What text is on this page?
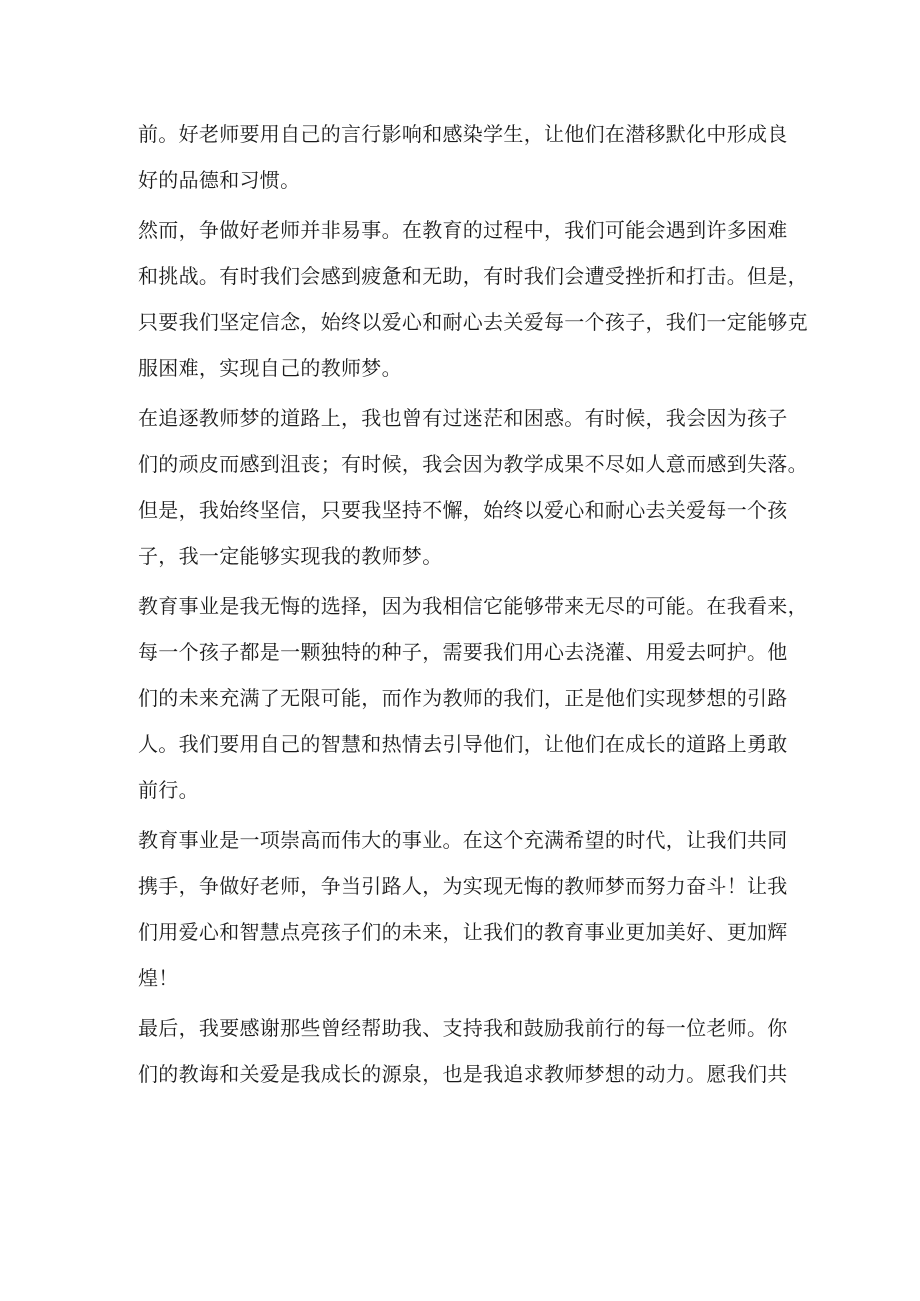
前。好老师要用自己的言行影响和感染学生，让他们在潜移默化中形成良
好的品德和习惯。
然而，争做好老师并非易事。在教育的过程中，我们可能会遇到许多困难
和挑战。有时我们会感到疲惫和无助，有时我们会遭受挫折和打击。但是，
只要我们坚定信念，始终以爱心和耐心去关爱每一个孩子，我们一定能够克
服困难，实现自己的教师梦。
在追逐教师梦的道路上，我也曾有过迷茫和困惑。有时候，我会因为孩子
们的顽皮而感到沮丧；有时候，我会因为教学成果不尽如人意而感到失落。
但是，我始终坚信，只要我坚持不懈，始终以爱心和耐心去关爱每一个孩
子，我一定能够实现我的教师梦。
教育事业是我无悔的选择，因为我相信它能够带来无尽的可能。在我看来，
每一个孩子都是一颗独特的种子，需要我们用心去浇灌、用爱去呵护。他
们的未来充满了无限可能，而作为教师的我们，正是他们实现梦想的引路
人。我们要用自己的智慧和热情去引导他们，让他们在成长的道路上勇敢
前行。
教育事业是一项崇高而伟大的事业。在这个充满希望的时代，让我们共同
携手，争做好老师，争当引路人，为实现无悔的教师梦而努力奋斗！让我
们用爱心和智慧点亮孩子们的未来，让我们的教育事业更加美好、更加辉
煌！
最后，我要感谢那些曾经帮助我、支持我和鼓励我前行的每一位老师。你
们的教诲和关爱是我成长的源泉，也是我追求教师梦想的动力。愿我们共
